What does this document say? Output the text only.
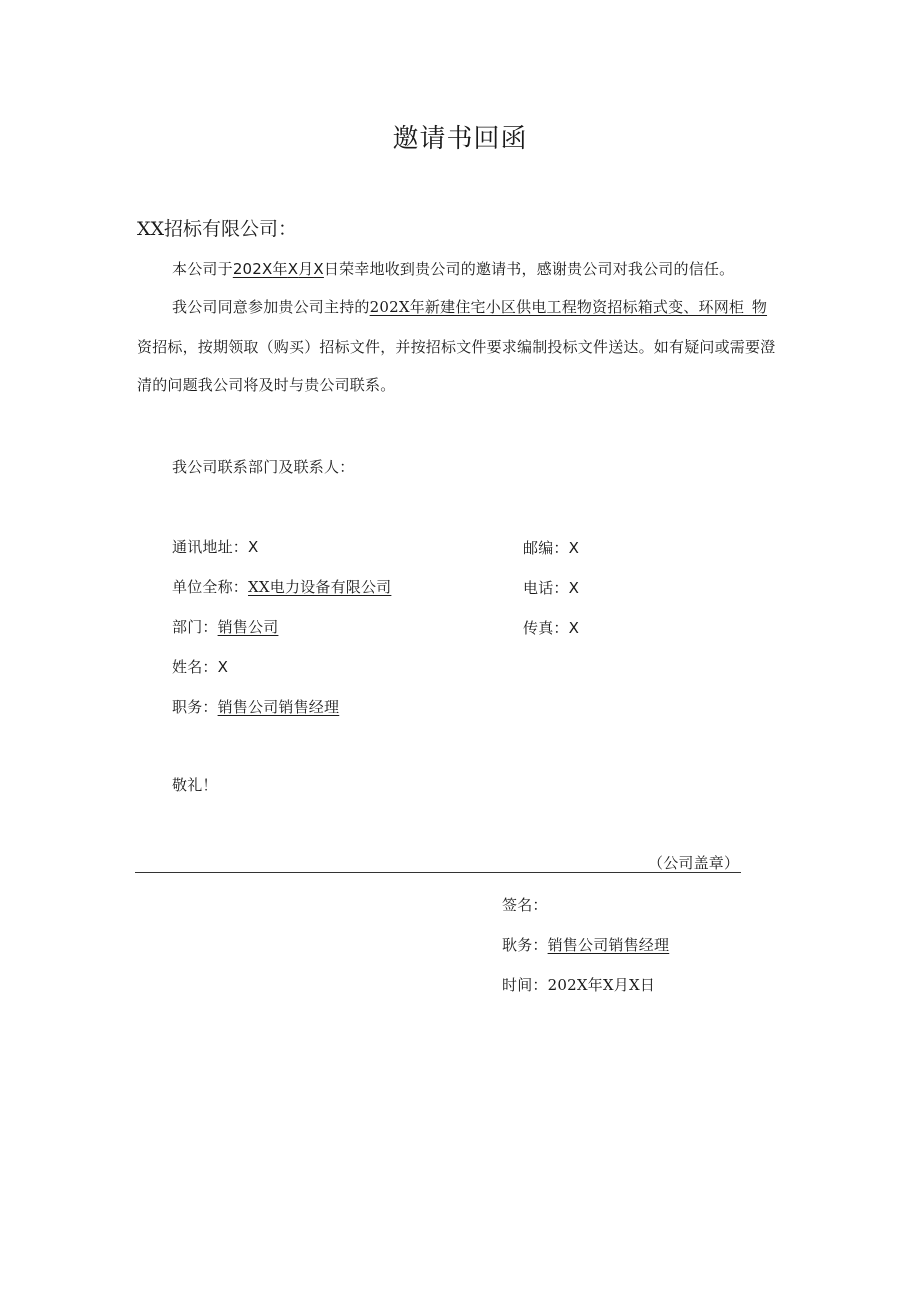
邀请书回函
XX招标有限公司：
本公司于202X年X月X日荣幸地收到贵公司的邀请书，感谢贵公司对我公司的信任。
我公司同意参加贵公司主持的202X年新建住宅小区供电工程物资招标箱式变、环网柜_物
资招标，按期领取（购买）招标文件，并按招标文件要求编制投标文件送达。如有疑问或需要澄
清的问题我公司将及时与贵公司联系。
我公司联系部门及联系人：
通讯地址：X	邮编：X
单位全称：XX电力设备有限公司	电话：X
部门：销售公司	传真：X
姓名：X
职务：销售公司销售经理
敬礼！
（公司盖章）
签名：
耿务：销售公司销售经理
时间：202X年X月X日
